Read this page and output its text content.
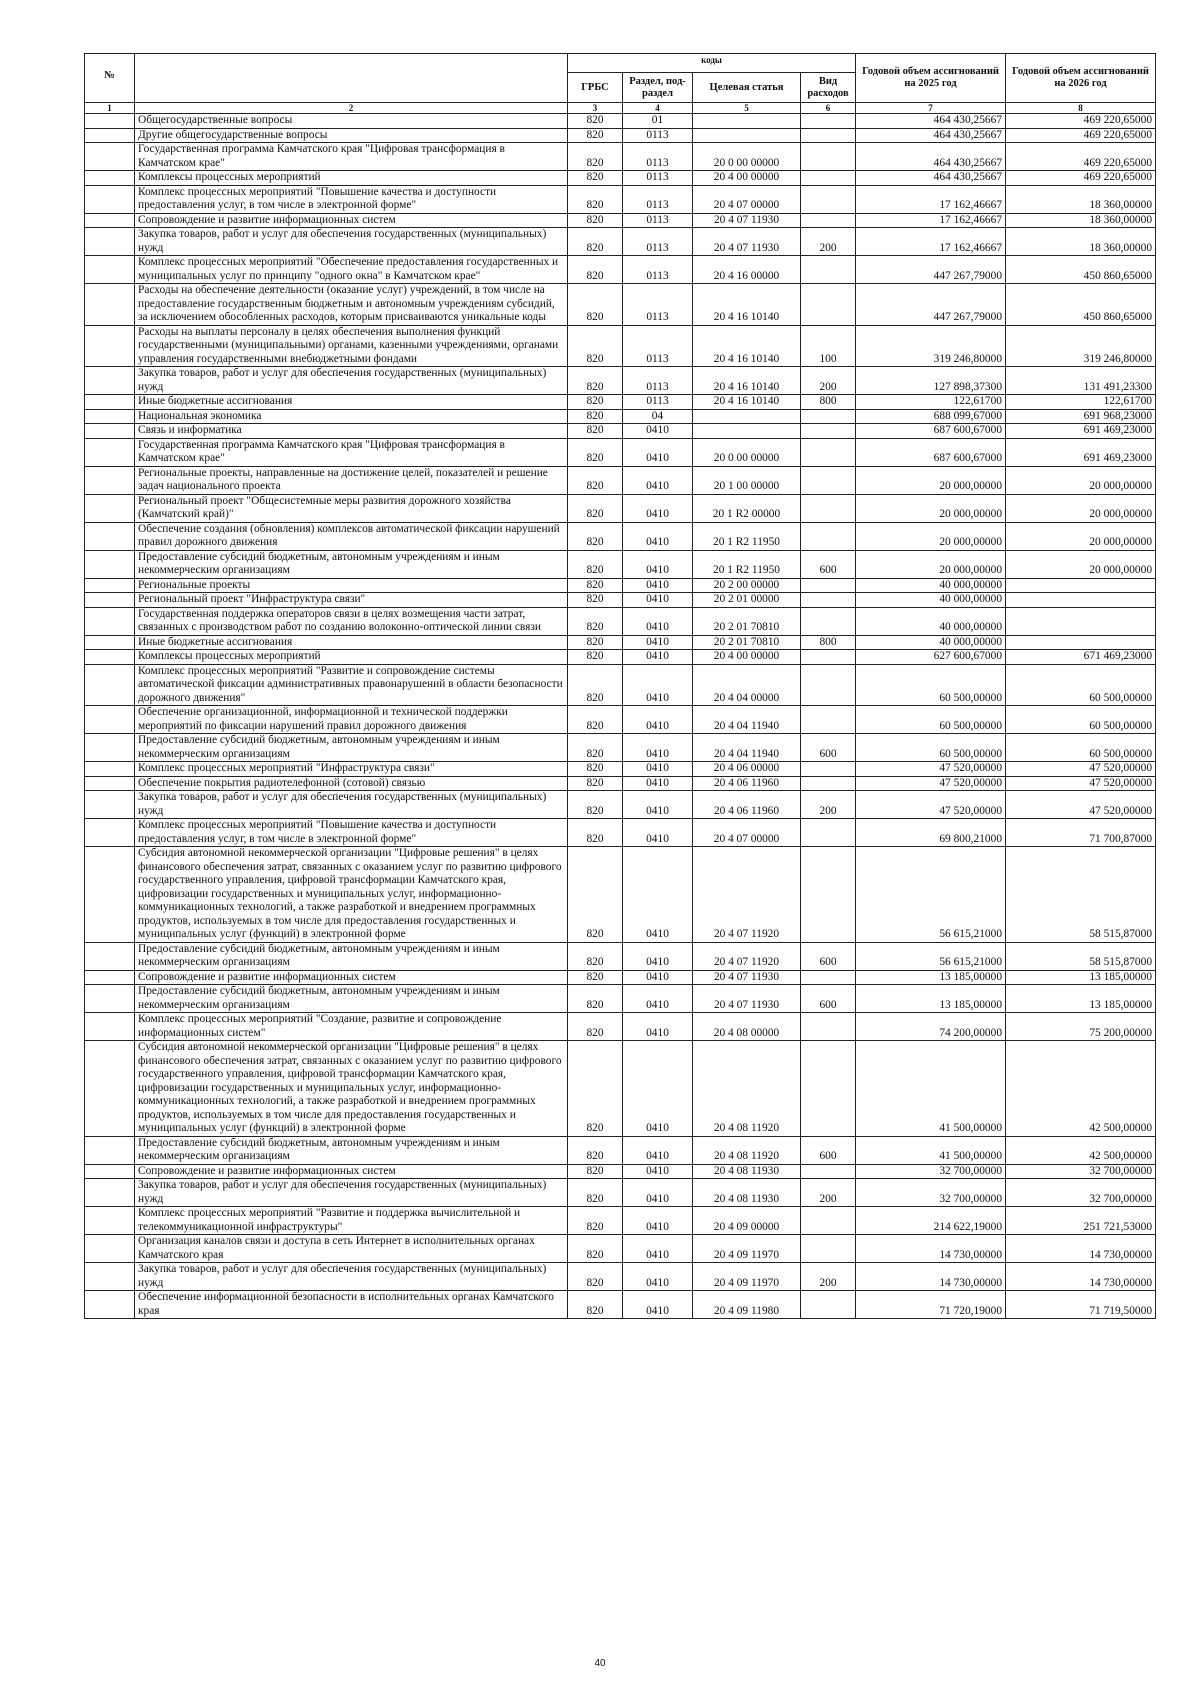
№		коды				Годовой объем ассигнований на 2025 год	Годовой объем ассигнований на 2026 год
		ГРБС	Раздел, под-раздел	Целевая статья	Вид расходов		
1	2	3	4	5	6	7	8
	Общегосударственные вопросы	820	01			464 430,25667	469 220,65000
	Другие общегосударственные вопросы	820	0113			464 430,25667	469 220,65000
	Государственная программа Камчатского края "Цифровая трансформация в Камчатском крае"	820	0113	20 0 00 00000		464 430,25667	469 220,65000
	Комплексы процессных мероприятий	820	0113	20 4 00 00000		464 430,25667	469 220,65000
	Комплекс процессных мероприятий "Повышение качества и доступности предоставления услуг, в том числе в электронной форме"	820	0113	20 4 07 00000		17 162,46667	18 360,00000
	Сопровождение и развитие информационных систем	820	0113	20 4 07 11930		17 162,46667	18 360,00000
	Закупка товаров, работ и услуг для обеспечения государственных (муниципальных) нужд	820	0113	20 4 07 11930	200	17 162,46667	18 360,00000
	Комплекс процессных мероприятий "Обеспечение предоставления государственных и муниципальных услуг по принципу "одного окна" в Камчатском крае"	820	0113	20 4 16 00000		447 267,79000	450 860,65000
	Расходы на обеспечение деятельности (оказание услуг) учреждений, в том числе на предоставление государственным бюджетным и автономным учреждениям субсидий, за исключением обособленных расходов, которым присваиваются уникальные коды	820	0113	20 4 16 10140		447 267,79000	450 860,65000
	Расходы на выплаты персоналу в целях обеспечения выполнения функций государственными (муниципальными) органами, казенными учреждениями, органами управления государственными внебюджетными фондами	820	0113	20 4 16 10140	100	319 246,80000	319 246,80000
	Закупка товаров, работ и услуг для обеспечения государственных (муниципальных) нужд	820	0113	20 4 16 10140	200	127 898,37300	131 491,23300
	Иные бюджетные ассигнования	820	0113	20 4 16 10140	800	122,61700	122,61700
	Национальная экономика	820	04			688 099,67000	691 968,23000
	Связь и информатика	820	0410			687 600,67000	691 469,23000
	Государственная программа Камчатского края "Цифровая трансформация в Камчатском крае"	820	0410	20 0 00 00000		687 600,67000	691 469,23000
	Региональные проекты, направленные на достижение целей, показателей и решение задач национального проекта	820	0410	20 1 00 00000		20 000,00000	20 000,00000
	Региональный проект "Общесистемные меры развития дорожного хозяйства (Камчатский край)"	820	0410	20 1 R2 00000		20 000,00000	20 000,00000
	Обеспечение создания (обновления) комплексов автоматической фиксации нарушений правил дорожного движения	820	0410	20 1 R2 11950		20 000,00000	20 000,00000
	Предоставление субсидий бюджетным, автономным учреждениям и иным некоммерческим организациям	820	0410	20 1 R2 11950	600	20 000,00000	20 000,00000
	Региональные проекты	820	0410	20 2 00 00000		40 000,00000	
	Региональный проект "Инфраструктура связи"	820	0410	20 2 01 00000		40 000,00000	
	Государственная поддержка операторов связи в целях возмещения части затрат, связанных с производством работ по созданию волоконно-оптической линии связи	820	0410	20 2 01 70810		40 000,00000	
	Иные бюджетные ассигнования	820	0410	20 2 01 70810	800	40 000,00000	
	Комплексы процессных мероприятий	820	0410	20 4 00 00000		627 600,67000	671 469,23000
	Комплекс процессных мероприятий "Развитие и сопровождение системы автоматической фиксации административных правонарушений в области безопасности дорожного движения"	820	0410	20 4 04 00000		60 500,00000	60 500,00000
	Обеспечение организационной, информационной и технической поддержки мероприятий по фиксации нарушений правил дорожного движения	820	0410	20 4 04 11940		60 500,00000	60 500,00000
	Предоставление субсидий бюджетным, автономным учреждениям и иным некоммерческим организациям	820	0410	20 4 04 11940	600	60 500,00000	60 500,00000
	Комплекс процессных мероприятий "Инфраструктура связи"	820	0410	20 4 06 00000		47 520,00000	47 520,00000
	Обеспечение покрытия радиотелефонной (сотовой) связью	820	0410	20 4 06 11960		47 520,00000	47 520,00000
	Закупка товаров, работ и услуг для обеспечения государственных (муниципальных) нужд	820	0410	20 4 06 11960	200	47 520,00000	47 520,00000
	Комплекс процессных мероприятий "Повышение качества и доступности предоставления услуг, в том числе в электронной форме"	820	0410	20 4 07 00000		69 800,21000	71 700,87000
	Субсидия автономной некоммерческой организации "Цифровые решения" в целях финансового обеспечения затрат, связанных с оказанием услуг по развитию цифрового государственного управления, цифровой трансформации Камчатского края, цифровизации государственных и муниципальных услуг, информационно-коммуникационных технологий, а также разработкой и внедрением программных продуктов, используемых в том числе для предоставления государственных и муниципальных услуг (функций) в электронной форме	820	0410	20 4 07 11920		56 615,21000	58 515,87000
	Предоставление субсидий бюджетным, автономным учреждениям и иным некоммерческим организациям	820	0410	20 4 07 11920	600	56 615,21000	58 515,87000
	Сопровождение и развитие информационных систем	820	0410	20 4 07 11930		13 185,00000	13 185,00000
	Предоставление субсидий бюджетным, автономным учреждениям и иным некоммерческим организациям	820	0410	20 4 07 11930	600	13 185,00000	13 185,00000
	Комплекс процессных мероприятий "Создание, развитие и сопровождение информационных систем"	820	0410	20 4 08 00000		74 200,00000	75 200,00000
	Субсидия автономной некоммерческой организации "Цифровые решения" в целях финансового обеспечения затрат, связанных с оказанием услуг по развитию цифрового государственного управления, цифровой трансформации Камчатского края, цифровизации государственных и муниципальных услуг, информационно-коммуникационных технологий, а также разработкой и внедрением программных продуктов, используемых в том числе для предоставления государственных и муниципальных услуг (функций) в электронной форме	820	0410	20 4 08 11920		41 500,00000	42 500,00000
	Предоставление субсидий бюджетным, автономным учреждениям и иным некоммерческим организациям	820	0410	20 4 08 11920	600	41 500,00000	42 500,00000
	Сопровождение и развитие информационных систем	820	0410	20 4 08 11930		32 700,00000	32 700,00000
	Закупка товаров, работ и услуг для обеспечения государственных (муниципальных) нужд	820	0410	20 4 08 11930	200	32 700,00000	32 700,00000
	Комплекс процессных мероприятий "Развитие и поддержка вычислительной и телекоммуникационной инфраструктуры"	820	0410	20 4 09 00000		214 622,19000	251 721,53000
	Организация каналов связи и доступа в сеть Интернет в исполнительных органах Камчатского края	820	0410	20 4 09 11970		14 730,00000	14 730,00000
	Закупка товаров, работ и услуг для обеспечения государственных (муниципальных) нужд	820	0410	20 4 09 11970	200	14 730,00000	14 730,00000
	Обеспечение информационной безопасности в исполнительных органах Камчатского края	820	0410	20 4 09 11980		71 720,19000	71 719,50000
40
